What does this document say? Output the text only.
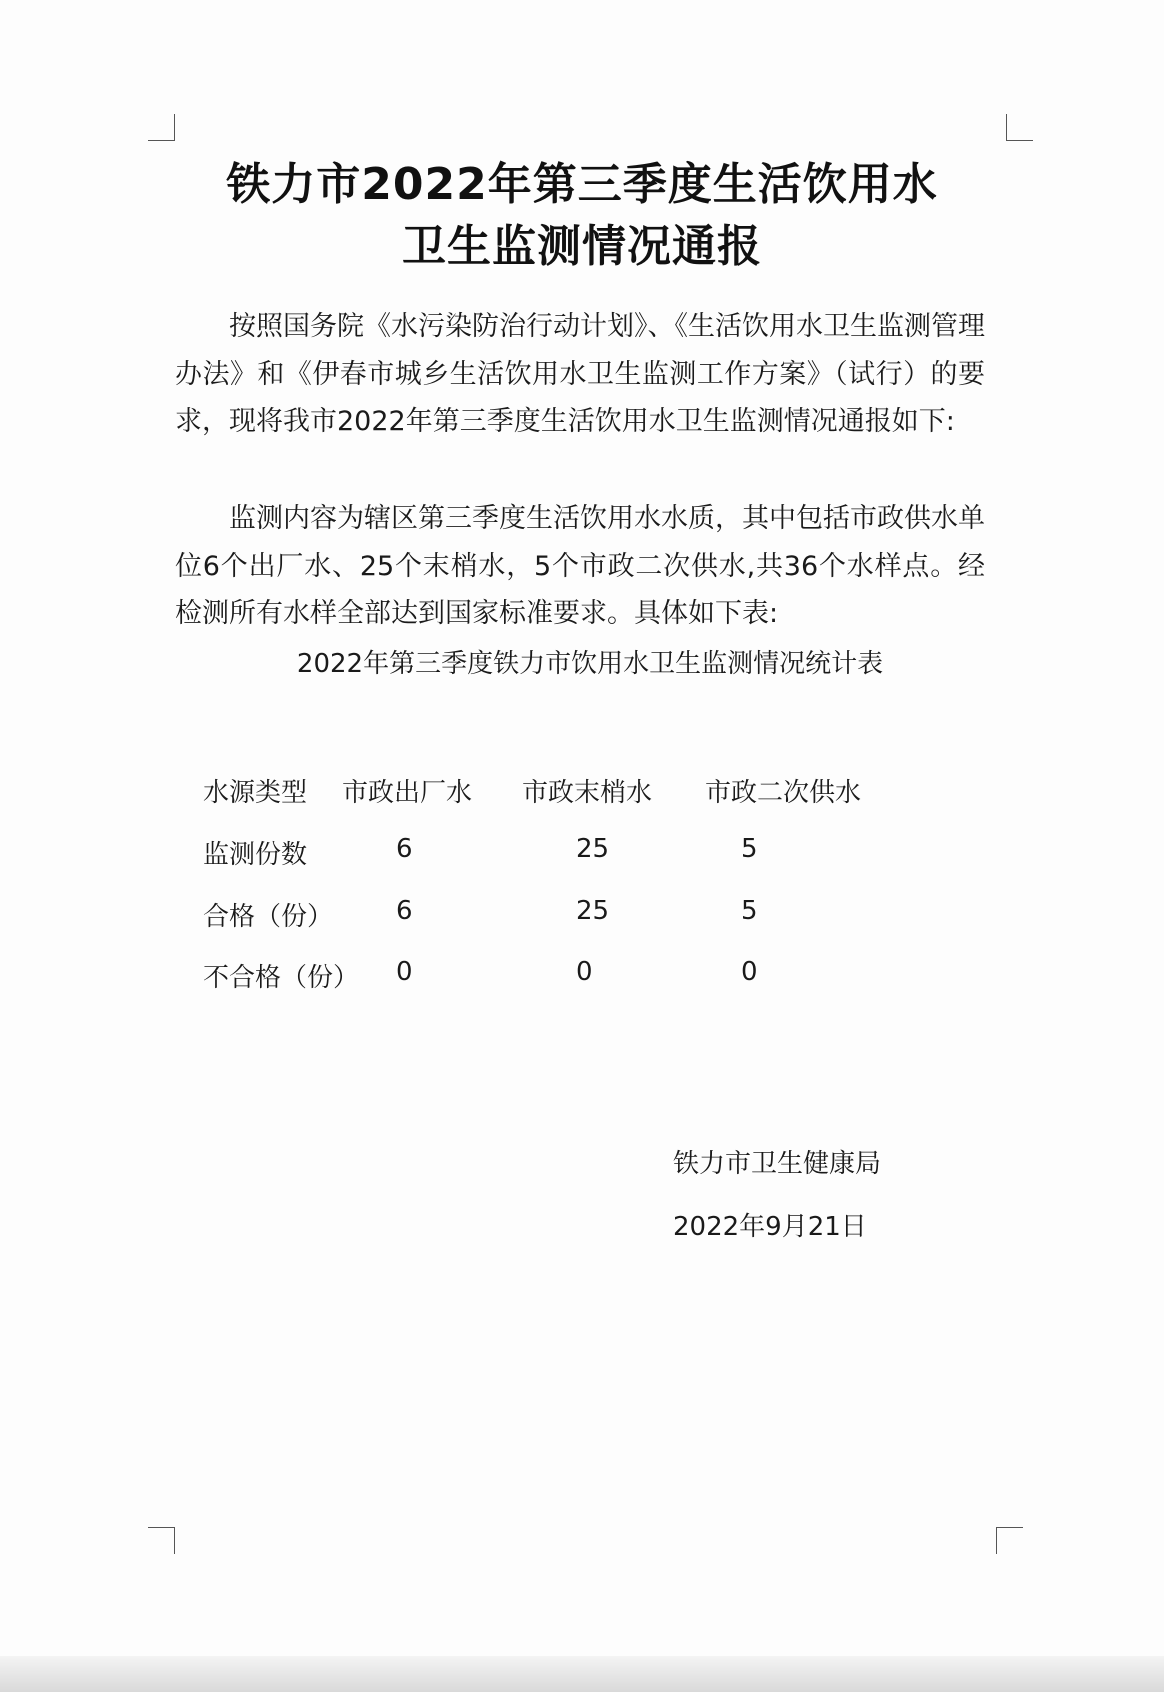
铁力市2022年第三季度生活饮用水
卫生监测情况通报

按照国务院《水污染防治行动计划》、《生活饮用水卫生监测管理办法》和《伊春市城乡生活饮用水卫生监测工作方案》（试行）的要求，现将我市2022年第三季度生活饮用水卫生监测情况通报如下:

监测内容为辖区第三季度生活饮用水水质，其中包括市政供水单位6个出厂水、25个末梢水，5个市政二次供水,共36个水样点。经检测所有水样全部达到国家标准要求。具体如下表:

2022年第三季度铁力市饮用水卫生监测情况统计表
水源类型 市政出厂水 市政末梢水 市政二次供水
监测份数	6	25	5
合格（份） 6	25	5
不合格（份） 0	0	0
铁力市卫生健康局
2022年9月21日
